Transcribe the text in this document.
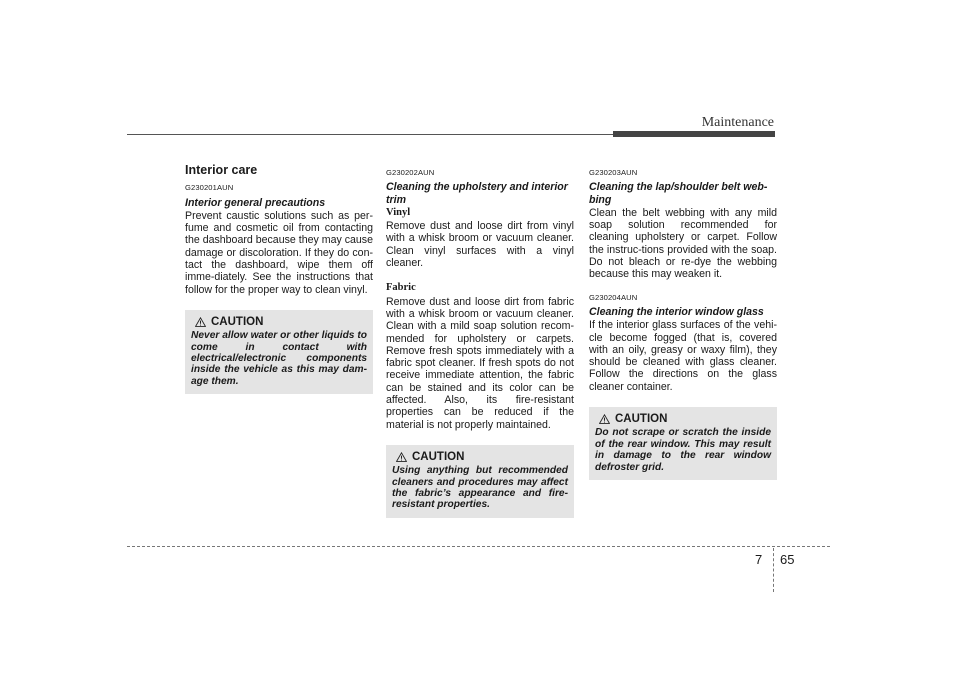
Maintenance
Interior care
G230201AUN
Interior general precautions

Prevent caustic solutions such as per-fume and cosmetic oil from contacting the dashboard because they may cause damage or discoloration. If they do con-tact the dashboard, wipe them off imme-diately. See the instructions that follow for the proper way to clean vinyl.

CAUTION
Never allow water or other liquids to come in contact with electrical/electronic components inside the vehicle as this may dam-age them.
G230202AUN
Cleaning the upholstery and interior trim
Vinyl

Remove dust and loose dirt from vinyl with a whisk broom or vacuum cleaner. Clean vinyl surfaces with a vinyl cleaner.

Fabric

Remove dust and loose dirt from fabric with a whisk broom or vacuum cleaner. Clean with a mild soap solution recom-mended for upholstery or carpets. Remove fresh spots immediately with a fabric spot cleaner. If fresh spots do not receive immediate attention, the fabric can be stained and its color can be affected. Also, its fire-resistant properties can be reduced if the material is not properly maintained.

CAUTION
Using anything but recommended cleaners and procedures may affect the fabric’s appearance and fire-resistant properties.
G230203AUN
Cleaning the lap/shoulder belt web-bing

Clean the belt webbing with any mild soap solution recommended for cleaning upholstery or carpet. Follow the instruc-tions provided with the soap. Do not bleach or re-dye the webbing because this may weaken it.

G230204AUN
Cleaning the interior window glass

If the interior glass surfaces of the vehi-cle become fogged (that is, covered with an oily, greasy or waxy film), they should be cleaned with glass cleaner. Follow the directions on the glass cleaner container.

CAUTION
Do not scrape or scratch the inside of the rear window. This may result in damage to the rear window defroster grid.
7 65
